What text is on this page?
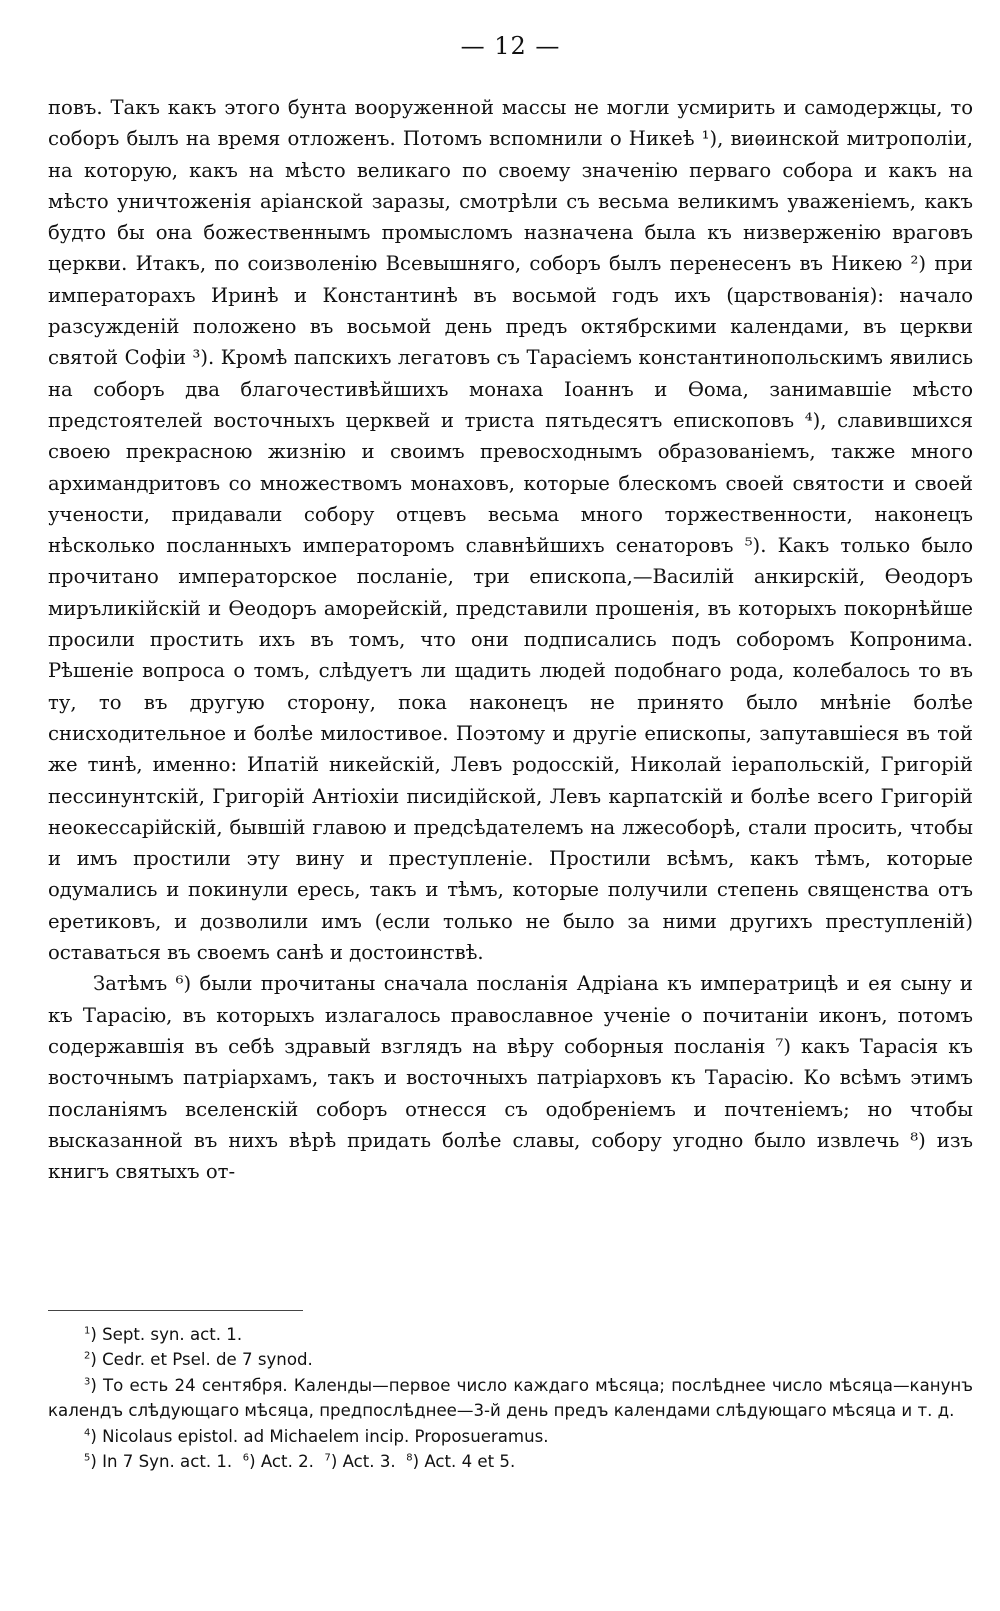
— 12 —

повъ. Такъ какъ этого бунта вооруженной массы не могли усмирить и самодержцы, то соборъ былъ на время отложенъ. Потомъ вспомнили о Никеѣ ¹), виѳинской митрополіи, на которую, какъ на мѣсто великаго по своему значенію перваго собора и какъ на мѣсто уничтоженія аріанской заразы, смотрѣли съ весьма великимъ уваженіемъ, какъ будто бы она божественнымъ промысломъ назначена была къ низверженію враговъ церкви. Итакъ, по соизволенію Всевышняго, соборъ былъ перенесенъ въ Никею ²) при императорахъ Иринѣ и Константинѣ въ восьмой годъ ихъ (царствованія): начало разсужденій положено въ восьмой день предъ октябрскими календами, въ церкви святой Софіи ³). Кромѣ папскихъ легатовъ съ Тарасіемъ константинопольскимъ явились на соборъ два благочестивѣйшихъ монаха Іоаннъ и Ѳома, занимавшіе мѣсто предстоятелей восточныхъ церквей и триста пятьдесятъ епископовъ ⁴), славившихся своею прекрасною жизнію и своимъ превосходнымъ образованіемъ, также много архимандритовъ со множествомъ монаховъ, которые блескомъ своей святости и своей учености, придавали собору отцевъ весьма много торжественности, наконецъ нѣсколько посланныхъ императоромъ славнѣйшихъ сенаторовъ ⁵). Какъ только было прочитано императорское посланіе, три епископа,—Василій анкирскій, Ѳеодоръ миръликійскій и Ѳеодоръ аморейскій, представили прошенія, въ которыхъ покорнѣйше просили простить ихъ въ томъ, что они подписались подъ соборомъ Копронима. Рѣшеніе вопроса о томъ, слѣдуетъ ли щадить людей подобнаго рода, колебалось то въ ту, то въ другую сторону, пока наконецъ не принято было мнѣніе болѣе снисходительное и болѣе милостивое. Поэтому и другіе епископы, запутавшіеся въ той же тинѣ, именно: Ипатій никейскій, Левъ родосскій, Николай іерапольскій, Григорій пессинунтскій, Григорій Антіохіи писидійской, Левъ карпатскій и болѣе всего Григорій неокессарійскій, бывшій главою и предсѣдателемъ на лжесоборѣ, стали просить, чтобы и имъ простили эту вину и преступленіе. Простили всѣмъ, какъ тѣмъ, которые одумались и покинули ересь, такъ и тѣмъ, которые получили степень священства отъ еретиковъ, и дозволили имъ (если только не было за ними другихъ преступленій) оставаться въ своемъ санѣ и достоинствѣ.

Затѣмъ ⁶) были прочитаны сначала посланія Адріана къ императрицѣ и ея сыну и къ Тарасію, въ которыхъ излагалось православное ученіе о почитаніи иконъ, потомъ содержавшія въ себѣ здравый взглядъ на вѣру соборныя посланія ⁷) какъ Тарасія къ восточнымъ патріархамъ, такъ и восточныхъ патріарховъ къ Тарасію. Ко всѣмъ этимъ посланіямъ вселенскій соборъ отнесся съ одобреніемъ и почтеніемъ; но чтобы высказанной въ нихъ вѣрѣ придать болѣе славы, собору угодно было извлечь ⁸) изъ книгъ святыхъ от-

$^1$) Sept. syn. act. 1.

$^2$) Cedr. et Psel. de 7 synod.

$^3$) То есть 24 сентября. Календы—первое число каждаго мѣсяца; послѣднее число мѣсяца—канунъ календъ слѣдующаго мѣсяца, предпослѣднее—3-й день предъ календами слѣдующаго мѣсяца и т. д.

$^4$) Nicolaus epistol. ad Michaelem incip. Proposueramus.

$^5$) In 7 Syn. act. 1. $^6$) Act. 2. $^7$) Act. 3. $^8$) Act. 4 et 5.
